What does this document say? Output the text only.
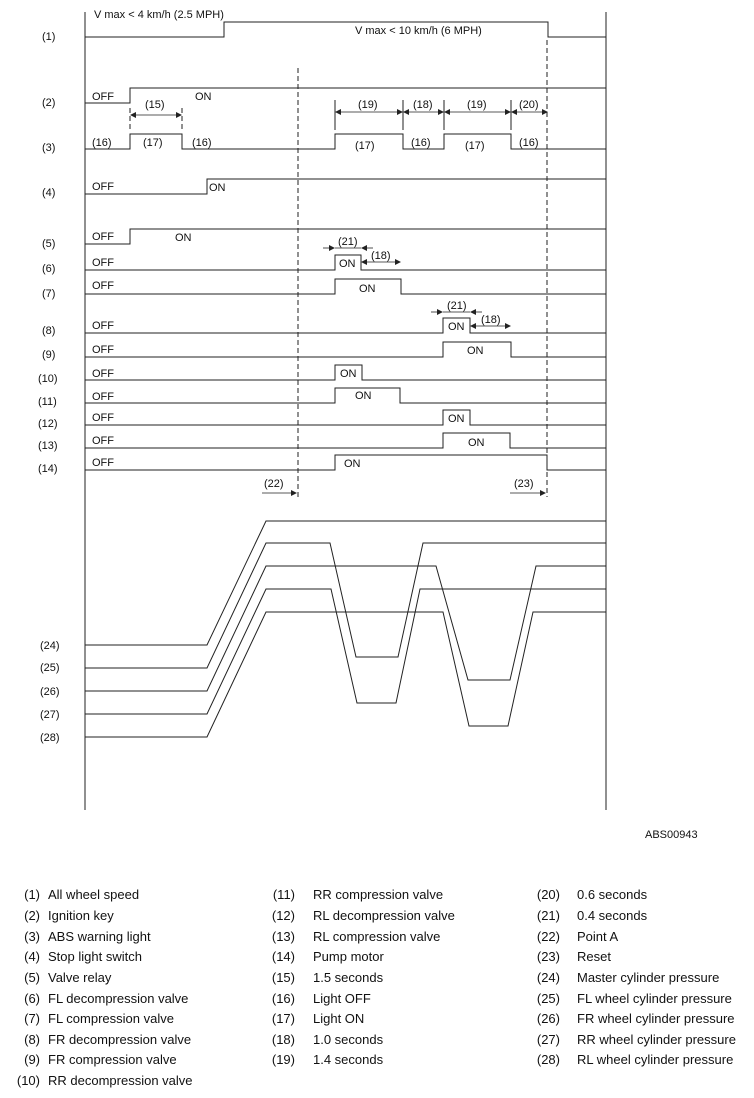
(1)
(2)
(3)
(4)
(5)
(6)
(7)
(8)
(9)
(10)
(11)
(12)
(13)
(14)
(24)
(25)
(26)
(27)
(28)
V max < 4 km/h (2.5 MPH)
V max < 10 km/h (6 MPH)
OFF	ON
(16)	(17)	(16)	(17)	(16)	(17)	(16)
(15)	(19)	(18)	(19)	(20)
OFF	ON
OFF	ON
OFF	ON
(21)
(18)
OFF	ON
OFF	ON
(21)
(18)
OFF	ON
OFF	ON
OFF	ON
OFF	ON
OFF	ON
OFF	ON
(22)	(23)
ABS00943
(1) All wheel speed
(2) Ignition key
(3) ABS warning light
(4) Stop light switch
(5) Valve relay
(6) FL decompression valve
(7) FL compression valve
(8) FR decompression valve
(9) FR compression valve
(10) RR decompression valve
(11) RR compression valve
(12) RL decompression valve
(13) RL compression valve
(14) Pump motor
(15) 1.5 seconds
(16) Light OFF
(17) Light ON
(18) 1.0 seconds
(19) 1.4 seconds
(20) 0.6 seconds
(21) 0.4 seconds
(22) Point A
(23) Reset
(24) Master cylinder pressure
(25) FL wheel cylinder pressure
(26) FR wheel cylinder pressure
(27) RR wheel cylinder pressure
(28) RL wheel cylinder pressure
